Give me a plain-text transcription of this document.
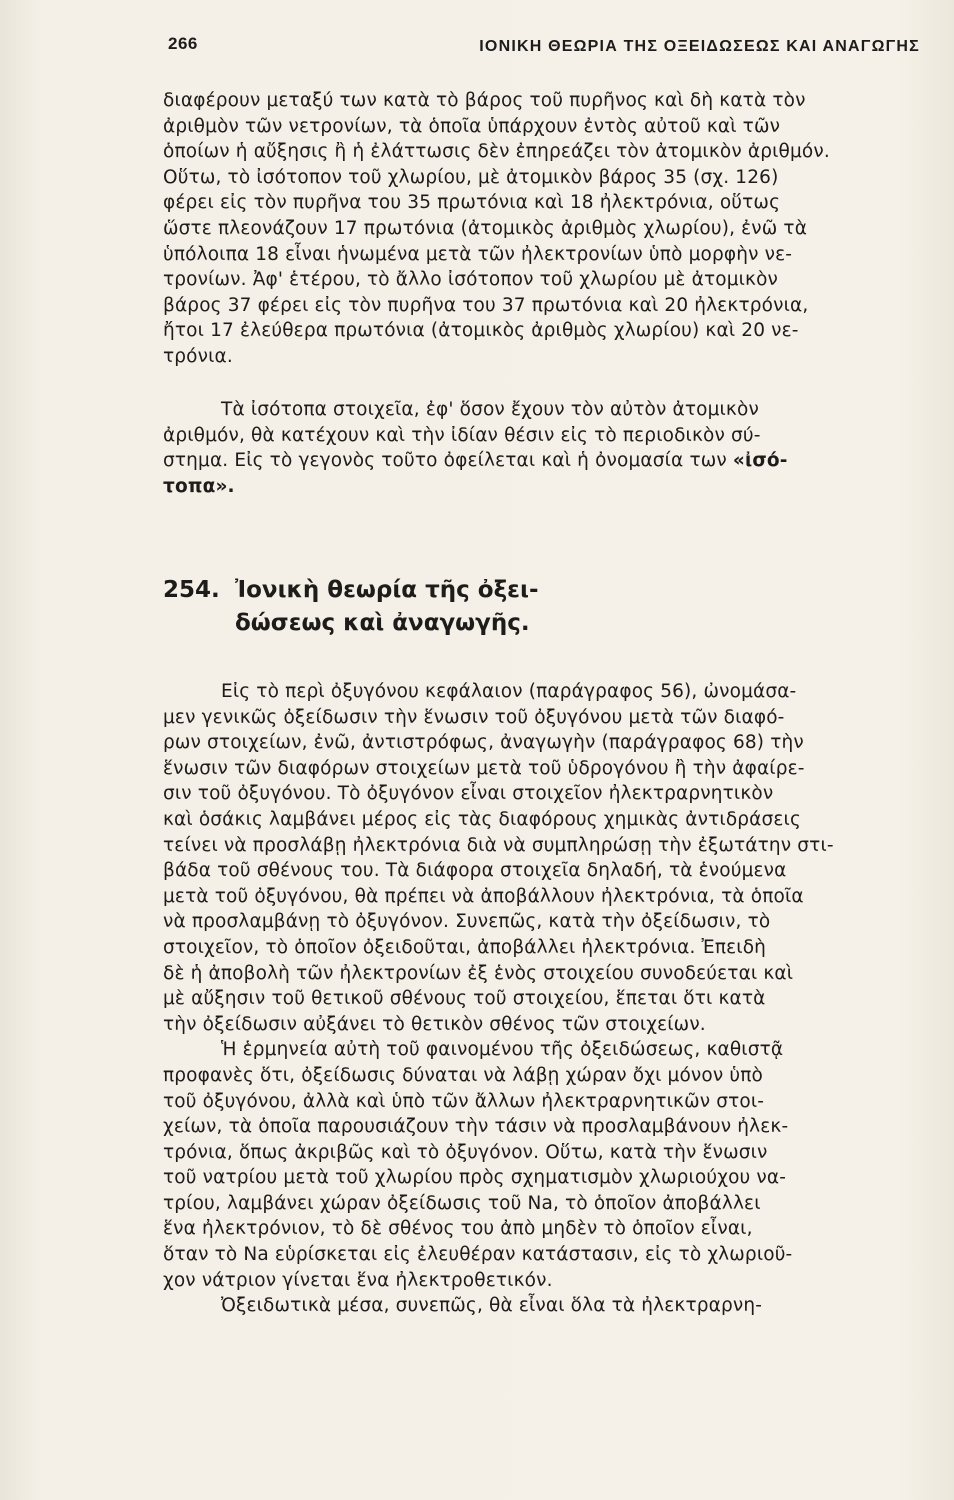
266	ΙΟΝΙΚΗ ΘΕΩΡΙΑ ΤΗΣ ΟΞΕΙΔΩΣΕΩΣ ΚΑΙ ΑΝΑΓΩΓΗΣ
διαφέρουν μεταξύ των κατὰ τὸ βάρος τοῦ πυρῆνος καὶ δὴ κατὰ τὸν
ἀριθμὸν τῶν νετρονίων, τὰ ὁποῖα ὑπάρχουν ἐντὸς αὐτοῦ καὶ τῶν
ὁποίων ἡ αὔξησις ἢ ἡ ἐλάττωσις δὲν ἐπηρεάζει τὸν ἀτομικὸν ἀριθμόν.
Οὕτω, τὸ ἰσότοπον τοῦ χλωρίου, μὲ ἀτομικὸν βάρος 35 (σχ. 126)
φέρει εἰς τὸν πυρῆνα του 35 πρωτόνια καὶ 18 ἠλεκτρόνια, οὕτως
ὥστε πλεονάζουν 17 πρωτόνια (ἀτομικὸς ἀριθμὸς χλωρίου), ἐνῶ τὰ
ὑπόλοιπα 18 εἶναι ἡνωμένα μετὰ τῶν ἠλεκτρονίων ὑπὸ μορφὴν νε-
τρονίων. Ἀφ' ἑτέρου, τὸ ἄλλο ἰσότοπον τοῦ χλωρίου μὲ ἀτομικὸν
βάρος 37 φέρει εἰς τὸν πυρῆνα του 37 πρωτόνια καὶ 20 ἠλεκτρόνια,
ἤτοι 17 ἐλεύθερα πρωτόνια (ἀτομικὸς ἀριθμὸς χλωρίου) καὶ 20 νε-
τρόνια.
Τὰ ἰσότοπα στοιχεῖα, ἐφ' ὅσον ἔχουν τὸν αὐτὸν ἀτομικὸν
ἀριθμόν, θὰ κατέχουν καὶ τὴν ἰδίαν θέσιν εἰς τὸ περιοδικὸν σύ-
στημα. Εἰς τὸ γεγονὸς τοῦτο ὀφείλεται καὶ ἡ ὀνομασία των «ἰσό-
τοπα».
254. Ἰονικὴ θεωρία τῆς ὀξει-
δώσεως καὶ ἀναγωγῆς.
Εἰς τὸ περὶ ὀξυγόνου κεφάλαιον (παράγραφος 56), ὠνομάσα-
μεν γενικῶς ὀξείδωσιν τὴν ἕνωσιν τοῦ ὀξυγόνου μετὰ τῶν διαφό-
ρων στοιχείων, ἐνῶ, ἀντιστρόφως, ἀναγωγὴν (παράγραφος 68) τὴν
ἕνωσιν τῶν διαφόρων στοιχείων μετὰ τοῦ ὑδρογόνου ἢ τὴν ἀφαίρε-
σιν τοῦ ὀξυγόνου. Τὸ ὀξυγόνον εἶναι στοιχεῖον ἠλεκτραρνητικὸν
καὶ ὁσάκις λαμβάνει μέρος εἰς τὰς διαφόρους χημικὰς ἀντιδράσεις
τείνει νὰ προσλάβῃ ἠλεκτρόνια διὰ νὰ συμπληρώσῃ τὴν ἐξωτάτην στι-
βάδα τοῦ σθένους του. Τὰ διάφορα στοιχεῖα δηλαδή, τὰ ἑνούμενα
μετὰ τοῦ ὀξυγόνου, θὰ πρέπει νὰ ἀποβάλλουν ἠλεκτρόνια, τὰ ὁποῖα
νὰ προσλαμβάνῃ τὸ ὀξυγόνον. Συνεπῶς, κατὰ τὴν ὀξείδωσιν, τὸ
στοιχεῖον, τὸ ὁποῖον ὀξειδοῦται, ἀποβάλλει ἠλεκτρόνια. Ἐπειδὴ
δὲ ἡ ἀποβολὴ τῶν ἠλεκτρονίων ἐξ ἑνὸς στοιχείου συνοδεύεται καὶ
μὲ αὔξησιν τοῦ θετικοῦ σθένους τοῦ στοιχείου, ἕπεται ὅτι κατὰ
τὴν ὀξείδωσιν αὐξάνει τὸ θετικὸν σθένος τῶν στοιχείων.
Ἡ ἑρμηνεία αὐτὴ τοῦ φαινομένου τῆς ὀξειδώσεως, καθιστᾷ
προφανὲς ὅτι, ὀξείδωσις δύναται νὰ λάβῃ χώραν ὄχι μόνον ὑπὸ
τοῦ ὀξυγόνου, ἀλλὰ καὶ ὑπὸ τῶν ἄλλων ἠλεκτραρνητικῶν στοι-
χείων, τὰ ὁποῖα παρουσιάζουν τὴν τάσιν νὰ προσλαμβάνουν ἠλεκ-
τρόνια, ὅπως ἀκριβῶς καὶ τὸ ὀξυγόνον. Οὕτω, κατὰ τὴν ἕνωσιν
τοῦ νατρίου μετὰ τοῦ χλωρίου πρὸς σχηματισμὸν χλωριούχου να-
τρίου, λαμβάνει χώραν ὀξείδωσις τοῦ Na, τὸ ὁποῖον ἀποβάλλει
ἕνα ἠλεκτρόνιον, τὸ δὲ σθένος του ἀπὸ μηδὲν τὸ ὁποῖον εἶναι,
ὅταν τὸ Na εὑρίσκεται εἰς ἐλευθέραν κατάστασιν, εἰς τὸ χλωριοῦ-
χον νάτριον γίνεται ἕνα ἠλεκτροθετικόν.
Ὀξειδωτικὰ μέσα, συνεπῶς, θὰ εἶναι ὅλα τὰ ἠλεκτραρνη-
